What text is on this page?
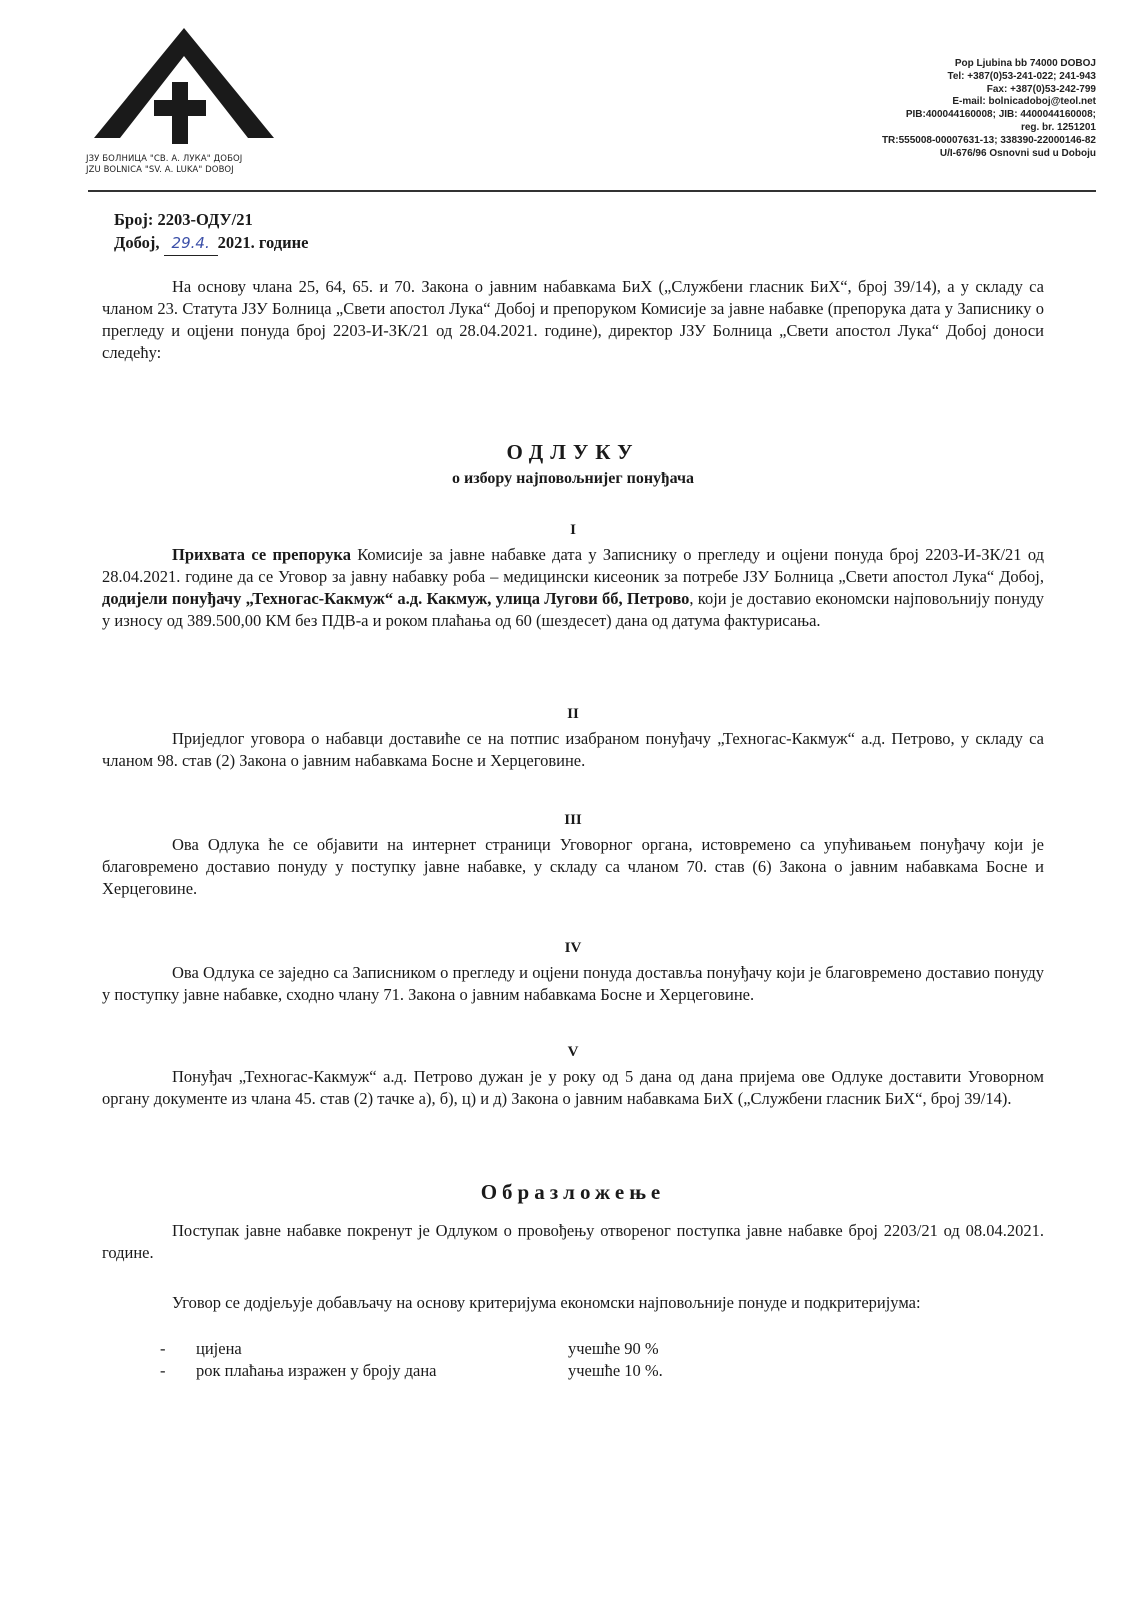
ЈЗУ БОЛНИЦА "СВ. А. ЛУКА" ДОБОЈ
JZU BOLNICA "SV. A. LUKA" DOBOJ
Pop Ljubina bb 74000 DOBOJ
Tel: +387(0)53-241-022; 241-943
Fax: +387(0)53-242-799
E-mail: bolnicadoboj@teol.net
PIB:400044160008; JIB: 4400044160008;
reg. br. 1251201
TR:555008-00007631-13; 338390-22000146-82
U/I-676/96 Osnovni sud u Doboju
Број: 2203-ОДУ/21
Добој, 29.4. 2021. године
На основу члана 25, 64, 65. и 70. Закона о јавним набавкама БиХ („Службени гласник БиХ“, број 39/14), а у складу са чланом 23. Статута ЈЗУ Болница „Свети апостол Лука“ Добој и препоруком Комисије за јавне набавке (препорука дата у Записнику о прегледу и оцјени понуда број 2203-И-ЗК/21 од 28.04.2021. године), директор ЈЗУ Болница „Свети апостол Лука“ Добој доноси следећу:
ОДЛУКУ
о избору најповољнијег понуђача
I
Прихвата се препорука Комисије за јавне набавке дата у Записнику о прегледу и оцјени понуда број 2203-И-ЗК/21 од 28.04.2021. године да се Уговор за јавну набавку роба – медицински кисеоник за потребе ЈЗУ Болница „Свети апостол Лука“ Добој, додијели понуђачу „Техногас-Какмуж“ а.д. Какмуж, улица Лугови бб, Петрово, који је доставио економски најповољнију понуду у износу од 389.500,00 КМ без ПДВ-а и роком плаћања од 60 (шездесет) дана од датума фактурисања.
II
Приједлог уговора о набавци доставиће се на потпис изабраном понуђачу „Техногас-Какмуж“ а.д. Петрово, у складу са чланом 98. став (2) Закона о јавним набавкама Босне и Херцеговине.
III
Ова Одлука ће се објавити на интернет страници Уговорног органа, истовремено са упућивањем понуђачу који је благовремено доставио понуду у поступку јавне набавке, у складу са чланом 70. став (6) Закона о јавним набавкама Босне и Херцеговине.
IV
Ова Одлука се заједно са Записником о прегледу и оцјени понуда доставља понуђачу који је благовремено доставио понуду у поступку јавне набавке, сходно члану 71. Закона о јавним набавкама Босне и Херцеговине.
V
Понуђач „Техногас-Какмуж“ а.д. Петрово дужан је у року од 5 дана од дана пријема ове Одлуке доставити Уговорном органу документе из члана 45. став (2) тачке а), б), ц) и д) Закона о јавним набавкама БиХ („Службени гласник БиХ“, број 39/14).
Образложење
Поступак јавне набавке покренут је Одлуком о провођењу отвореног поступка јавне набавке број 2203/21 од 08.04.2021. године.
Уговор се додјељује добављачу на основу критеријума економски најповољније понуде и подкритеријума:
- цијена	учешће 90 %
- рок плаћања изражен у броју дана	учешће 10 %.
